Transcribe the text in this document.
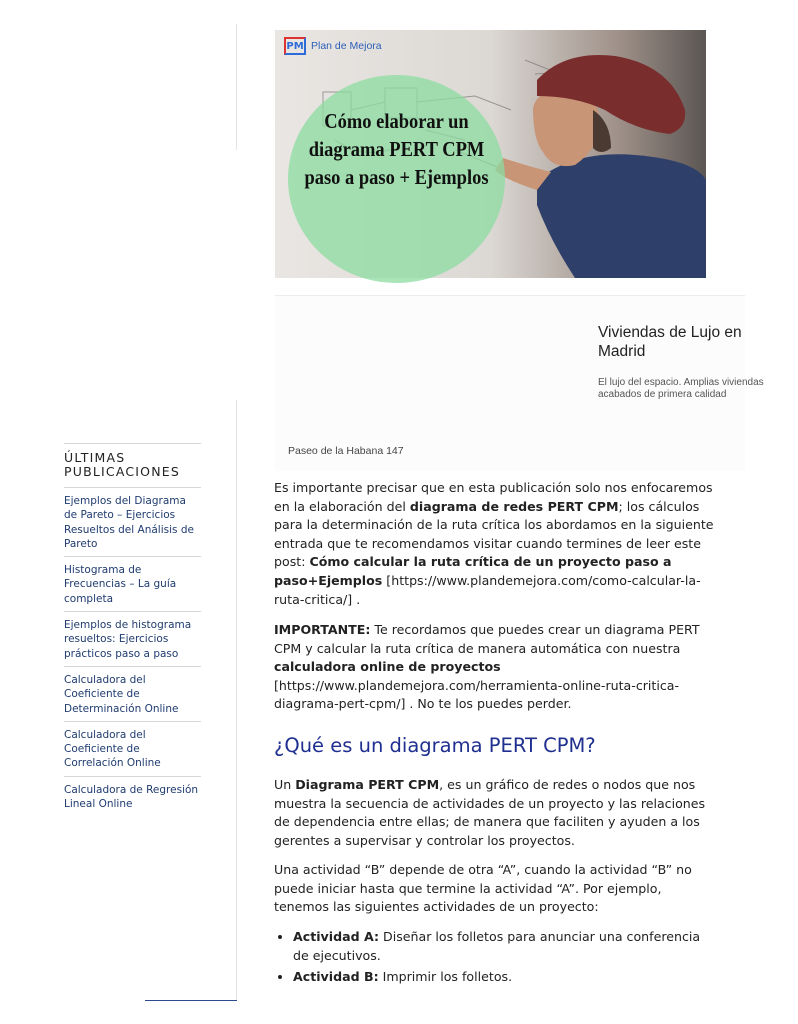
Cómo elaborar un diagrama PERT CPM paso a paso + Ejemplos
PM Plan de Mejora
Viviendas de Lujo en
Madrid
El lujo del espacio. Amplias viviendas
acabados de primera calidad
Paseo de la Habana 147
ÚLTIMAS PUBLICACIONES
Ejemplos del Diagrama de Pareto – Ejercicios Resueltos del Análisis de Pareto
Histograma de Frecuencias – La guía completa
Ejemplos de histograma resueltos: Ejercicios prácticos paso a paso
Calculadora del Coeficiente de Determinación Online
Calculadora del Coeficiente de Correlación Online
Calculadora de Regresión Lineal Online

Es importante precisar que en esta publicación solo nos enfocaremos en la elaboración del diagrama de redes PERT CPM; los cálculos para la determinación de la ruta crítica los abordamos en la siguiente entrada que te recomendamos visitar cuando termines de leer este post: Cómo calcular la ruta crítica de un proyecto paso a paso+Ejemplos [https://www.plandemejora.com/como-calcular-la-ruta-critica/] .

IMPORTANTE: Te recordamos que puedes crear un diagrama PERT CPM y calcular la ruta crítica de manera automática con nuestra calculadora online de proyectos [https://www.plandemejora.com/herramienta-online-ruta-critica-diagrama-pert-cpm/] . No te los puedes perder.

¿Qué es un diagrama PERT CPM?

Un Diagrama PERT CPM, es un gráfico de redes o nodos que nos muestra la secuencia de actividades de un proyecto y las relaciones de dependencia entre ellas; de manera que faciliten y ayuden a los gerentes a supervisar y controlar los proyectos.

Una actividad “B” depende de otra “A”, cuando la actividad “B” no puede iniciar hasta que termine la actividad “A”. Por ejemplo, tenemos las siguientes actividades de un proyecto:

• Actividad A: Diseñar los folletos para anunciar una conferencia de ejecutivos.
• Actividad B: Imprimir los folletos.
